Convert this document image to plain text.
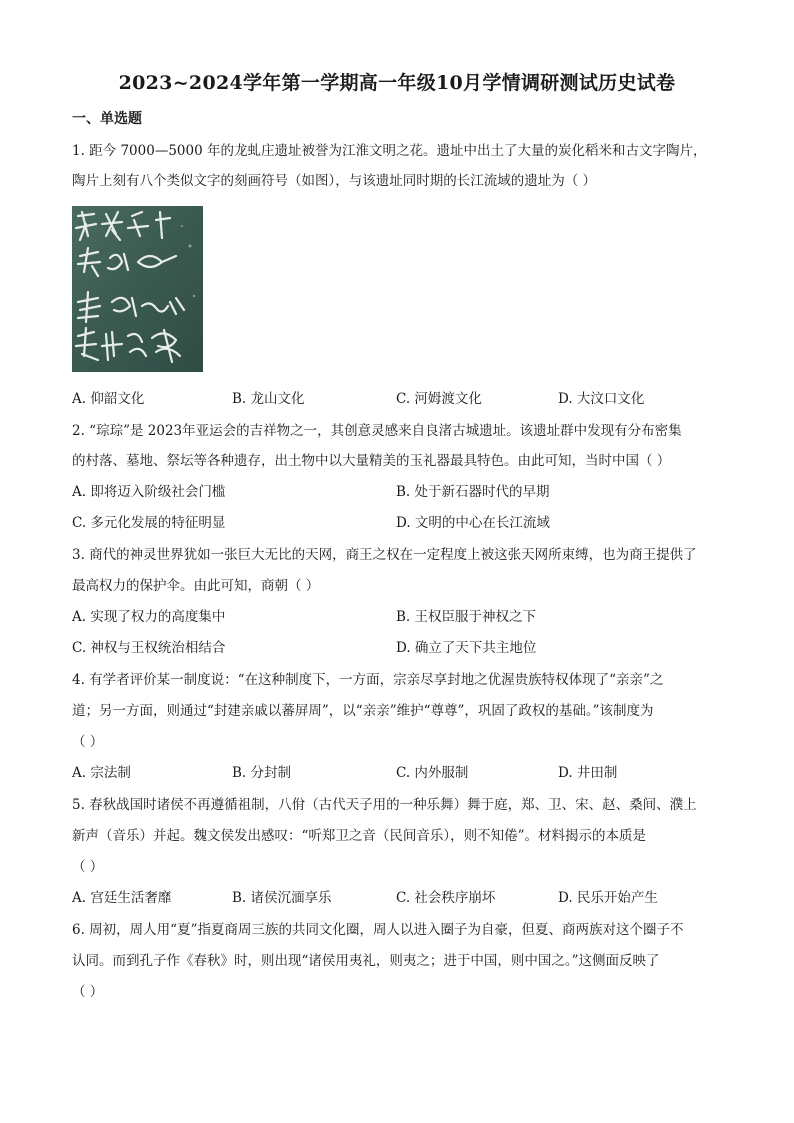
2023~2024学年第一学期高一年级10月学情调研测试历史试卷
一、单选题
1. 距今 7000—5000 年的龙虬庄遗址被誉为江淮文明之花。遗址中出土了大量的炭化稻米和古文字陶片，
陶片上刻有八个类似文字的刻画符号（如图），与该遗址同时期的长江流域的遗址为（ ）
A. 仰韶文化	B. 龙山文化	C. 河姆渡文化	D. 大汶口文化
2. “琮琮”是 2023年亚运会的吉祥物之一，其创意灵感来自良渚古城遗址。该遗址群中发现有分布密集
的村落、墓地、祭坛等各种遗存，出土物中以大量精美的玉礼器最具特色。由此可知，当时中国（ ）
A. 即将迈入阶级社会门槛	B. 处于新石器时代的早期
C. 多元化发展的特征明显	D. 文明的中心在长江流域
3. 商代的神灵世界犹如一张巨大无比的天网，商王之权在一定程度上被这张天网所束缚，也为商王提供了
最高权力的保护伞。由此可知，商朝（ ）
A. 实现了权力的高度集中	B. 王权臣服于神权之下
C. 神权与王权统治相结合	D. 确立了天下共主地位
4. 有学者评价某一制度说：“在这种制度下，一方面，宗亲尽享封地之优渥贵族特权体现了“亲亲”之
道；另一方面，则通过“封建亲戚以蕃屏周”，以“亲亲”维护“尊尊”，巩固了政权的基础。”该制度为
（ ）
A. 宗法制	B. 分封制	C. 内外服制	D. 井田制
5. 春秋战国时诸侯不再遵循祖制，八佾（古代天子用的一种乐舞）舞于庭，郑、卫、宋、赵、桑间、濮上
新声（音乐）并起。魏文侯发出感叹：“听郑卫之音（民间音乐），则不知倦”。材料揭示的本质是
（ ）
A. 宫廷生活奢靡	B. 诸侯沉湎享乐	C. 社会秩序崩坏	D. 民乐开始产生
6. 周初，周人用“夏”指夏商周三族的共同文化圈，周人以进入圈子为自豪，但夏、商两族对这个圈子不
认同。而到孔子作《春秋》时，则出现“诸侯用夷礼，则夷之；进于中国，则中国之。”这侧面反映了
（ ）
